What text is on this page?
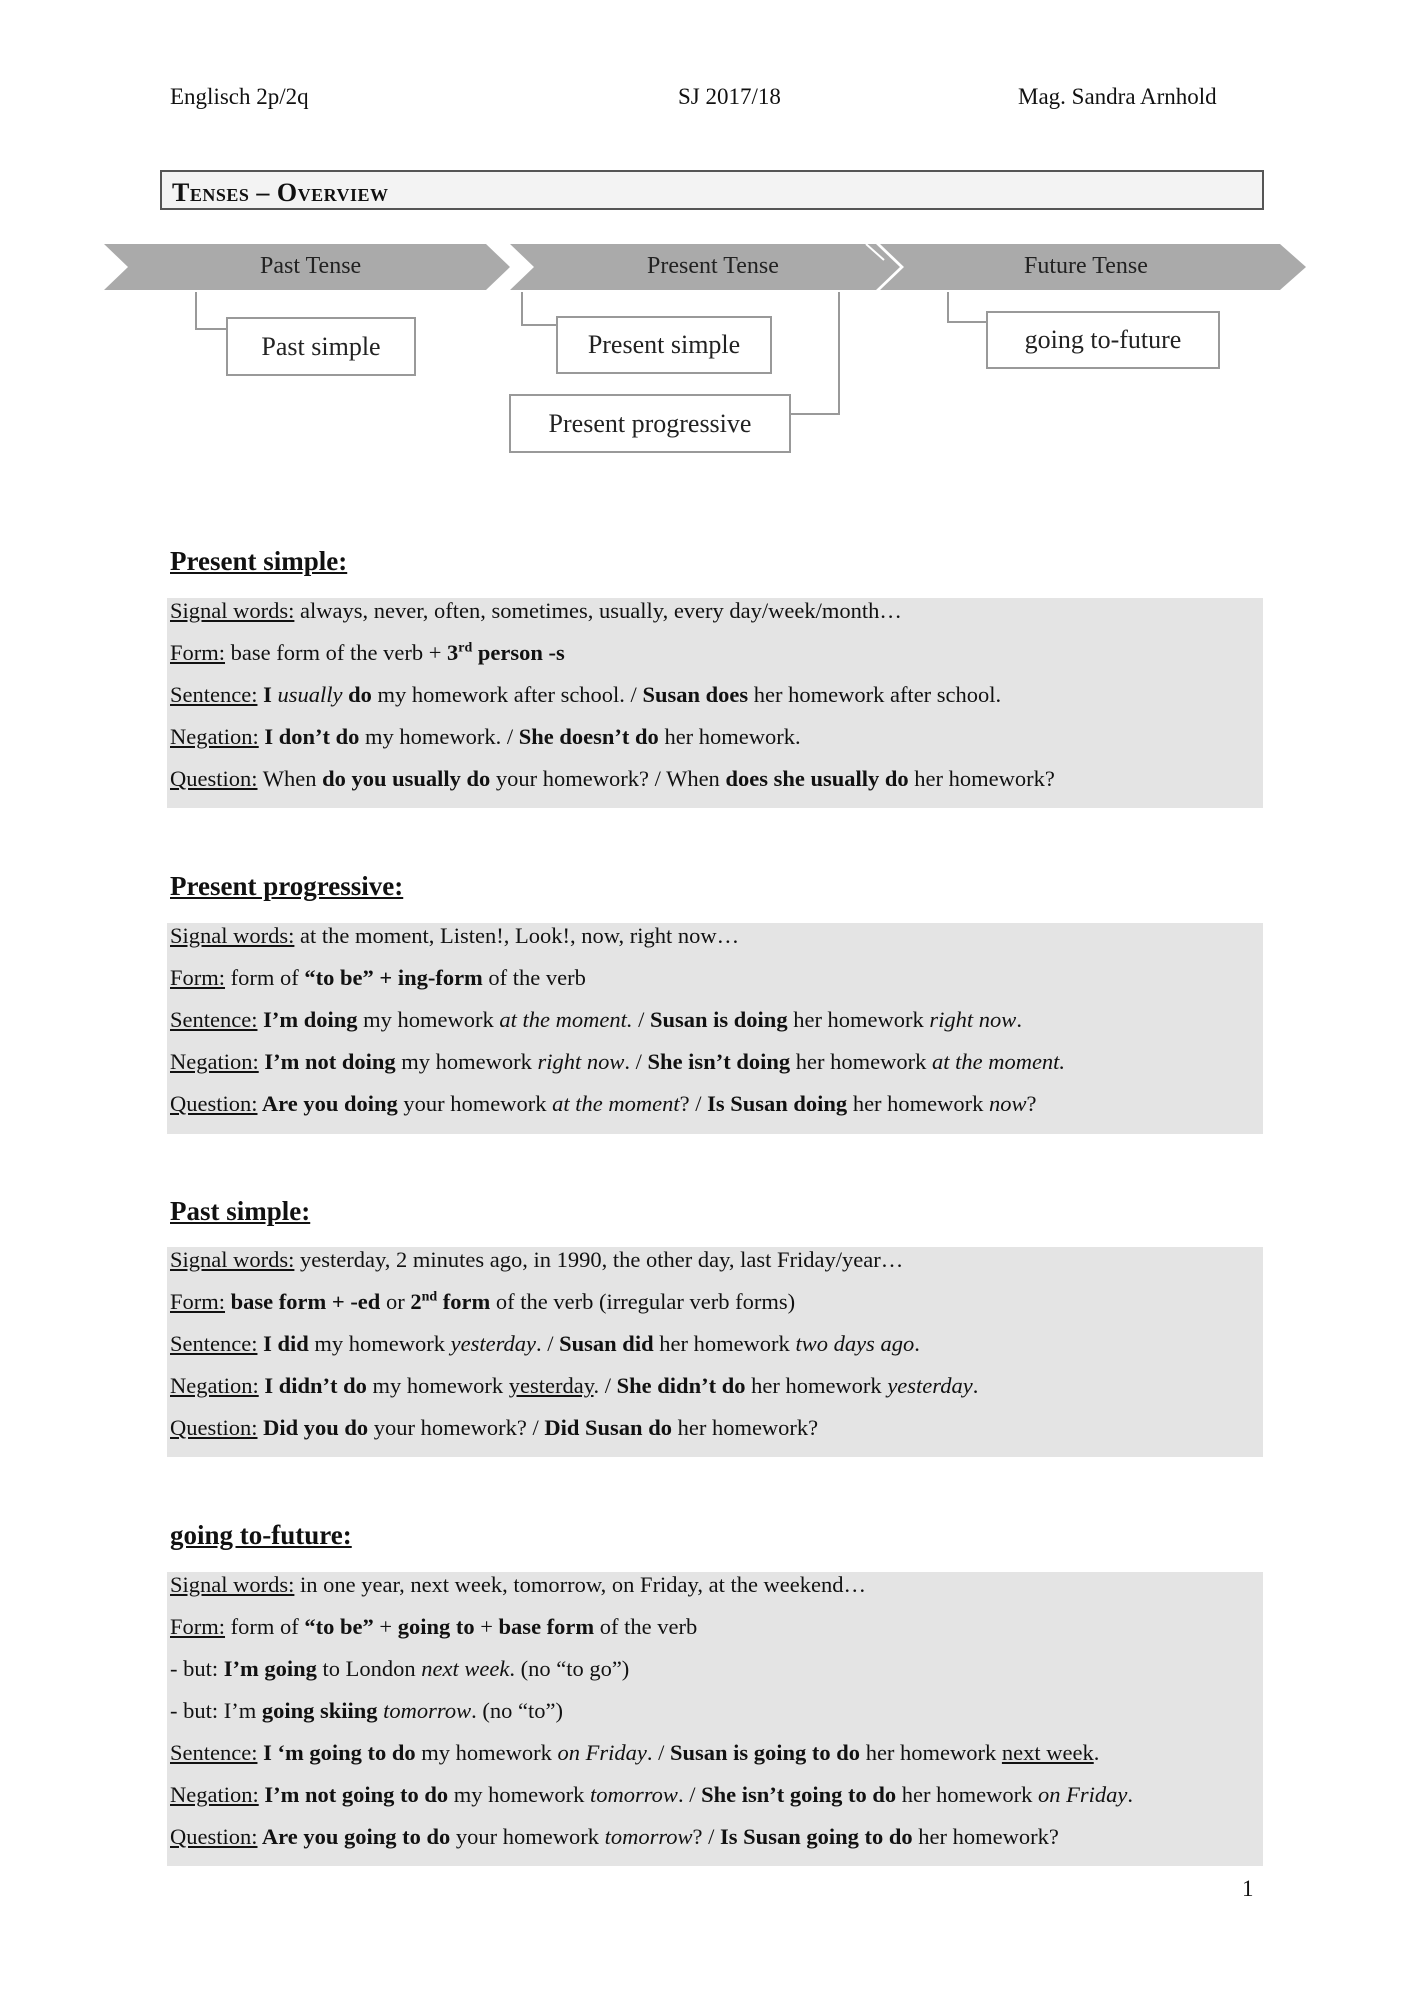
Englisch 2p/2q	SJ 2017/18	Mag. Sandra Arnhold
Tenses – Overview
Past Tense	Present Tense	Future Tense
Past simple	Present simple
Present progressive
going to-future
Present simple:
Signal words: always, never, often, sometimes, usually, every day/week/month…
Form: base form of the verb + 3rd person -s
Sentence: I usually do my homework after school. / Susan does her homework after school.
Negation: I don’t do my homework. / She doesn’t do her homework.
Question: When do you usually do your homework? / When does she usually do her homework?
Present progressive:
Signal words: at the moment, Listen!, Look!, now, right now…
Form: form of “to be” + ing-form of the verb
Sentence: I’m doing my homework at the moment. / Susan is doing her homework right now.
Negation: I’m not doing my homework right now. / She isn’t doing her homework at the moment.
Question: Are you doing your homework at the moment? / Is Susan doing her homework now?
Past simple:
Signal words: yesterday, 2 minutes ago, in 1990, the other day, last Friday/year…
Form: base form + -ed or 2nd form of the verb (irregular verb forms)
Sentence: I did my homework yesterday. / Susan did her homework two days ago.
Negation: I didn’t do my homework yesterday. / She didn’t do her homework yesterday.
Question: Did you do your homework? / Did Susan do her homework?
going to-future:
Signal words: in one year, next week, tomorrow, on Friday, at the weekend…
Form: form of “to be” + going to + base form of the verb
- but: I’m going to London next week. (no “to go”)
- but: I’m going skiing tomorrow. (no “to”)
Sentence: I ‘m going to do my homework on Friday. / Susan is going to do her homework next week.
Negation: I’m not going to do my homework tomorrow. / She isn’t going to do her homework on Friday.
Question: Are you going to do your homework tomorrow? / Is Susan going to do her homework?
1
